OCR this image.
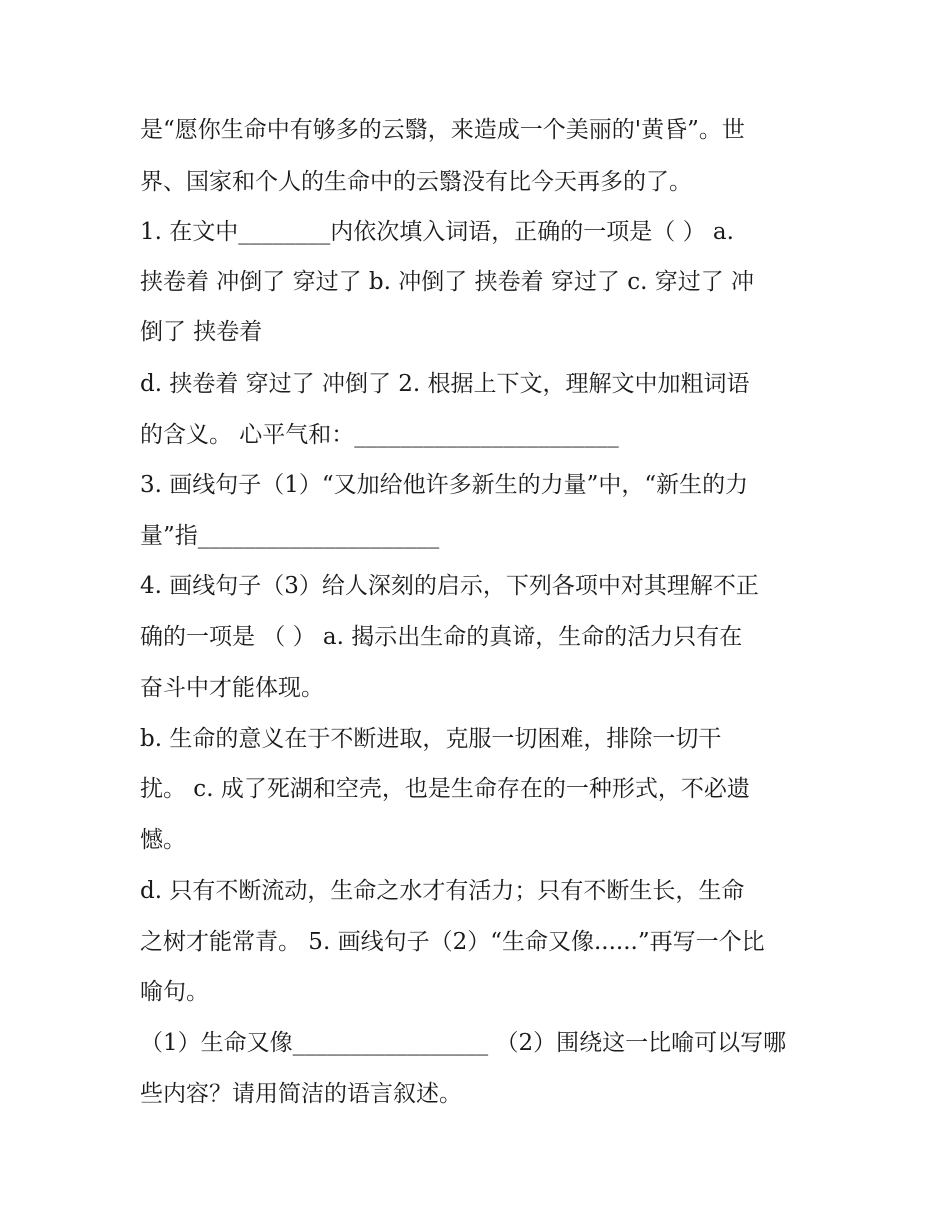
是“愿你生命中有够多的云翳，来造成一个美丽的'黄昏”。世
界、国家和个人的生命中的云翳没有比今天再多的了。
1. 在文中________内依次填入词语，正确的一项是（ ） a.
挟卷着 冲倒了 穿过了 b. 冲倒了 挟卷着 穿过了 c. 穿过了 冲
倒了 挟卷着
d. 挟卷着 穿过了 冲倒了 2. 根据上下文，理解文中加粗词语
的含义。 心平气和：_______________________
3. 画线句子（1）“又加给他许多新生的力量”中，“新生的力
量”指_____________________
4. 画线句子（3）给人深刻的启示，下列各项中对其理解不正
确的一项是 （ ） a. 揭示出生命的真谛，生命的活力只有在
奋斗中才能体现。
b. 生命的意义在于不断进取，克服一切困难，排除一切干
扰。 c. 成了死湖和空壳，也是生命存在的一种形式，不必遗
憾。
d. 只有不断流动，生命之水才有活力；只有不断生长，生命
之树才能常青。 5. 画线句子（2）“生命又像......”再写一个比
喻句。
（1）生命又像_________________ （2）围绕这一比喻可以写哪
些内容？请用简洁的语言叙述。
